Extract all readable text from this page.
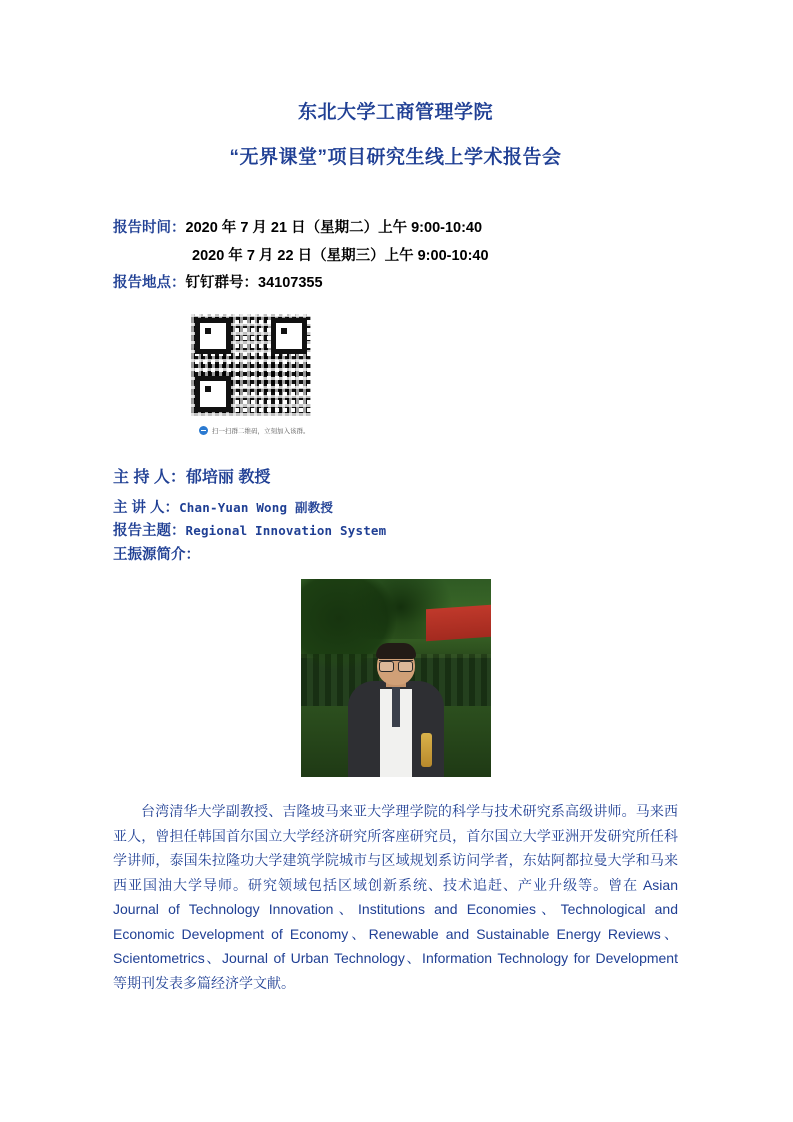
东北大学工商管理学院
“无界课堂”项目研究生线上学术报告会
报告时间： 2020 年 7 月 21 日（星期二）上午 9:00-10:40
2020 年 7 月 22 日（星期三）上午 9:00-10:40
报告地点： 钉钉群号：34107355
扫一扫群二维码，立刻加入该群。
主 持 人： 郁培丽 教授
主 讲 人： Chan-Yuan Wong 副教授
报告主题： Regional Innovation System
王振源简介：
台湾清华大学副教授、吉隆坡马来亚大学理学院的科学与技术研究系高级讲师。马来西亚人，曾担任韩国首尔国立大学经济研究所客座研究员，首尔国立大学亚洲开发研究所任科学讲师，泰国朱拉隆功大学建筑学院城市与区域规划系访问学者，东姑阿都拉曼大学和马来西亚国油大学导师。研究领域包括区域创新系统、技术追赶、产业升级等。曾在 Asian Journal of Technology Innovation、Institutions and Economies、Technological and Economic Development of Economy、Renewable and Sustainable Energy Reviews、Scientometrics、Journal of Urban Technology、Information Technology for Development 等期刊发表多篇经济学文献。
